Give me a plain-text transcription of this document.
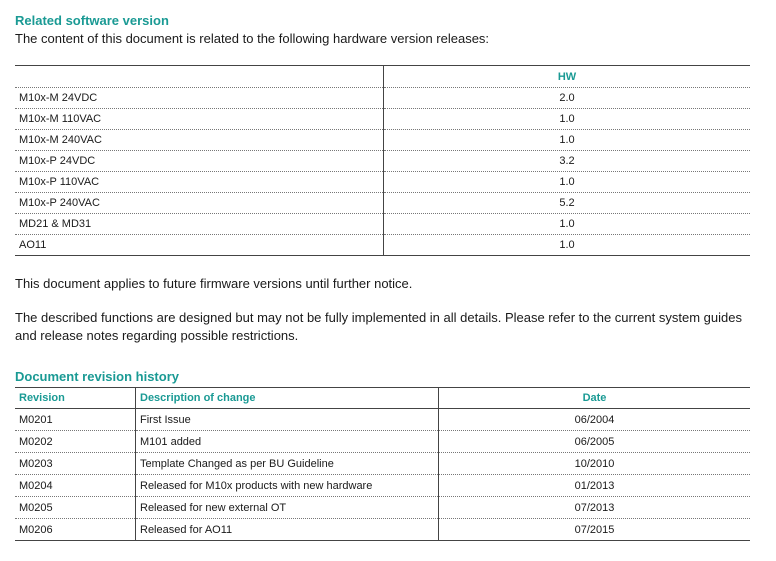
Related software version

The content of this document is related to the following hardware version releases:

	HW
M10x-M 24VDC	2.0
M10x-M 110VAC	1.0
M10x-M 240VAC	1.0
M10x-P 24VDC	3.2
M10x-P 110VAC	1.0
M10x-P 240VAC	5.2
MD21 & MD31	1.0
AO11	1.0

This document applies to future firmware versions until further notice.

The described functions are designed but may not be fully implemented in all details. Please refer to the current system guides and release notes regarding possible restrictions.

Document revision history
Revision	Description of change	Date
M0201	First Issue	06/2004
M0202	M101 added	06/2005
M0203	Template Changed as per BU Guideline	10/2010
M0204	Released for M10x products with new hardware	01/2013
M0205	Released for new external OT	07/2013
M0206	Released for AO11	07/2015
